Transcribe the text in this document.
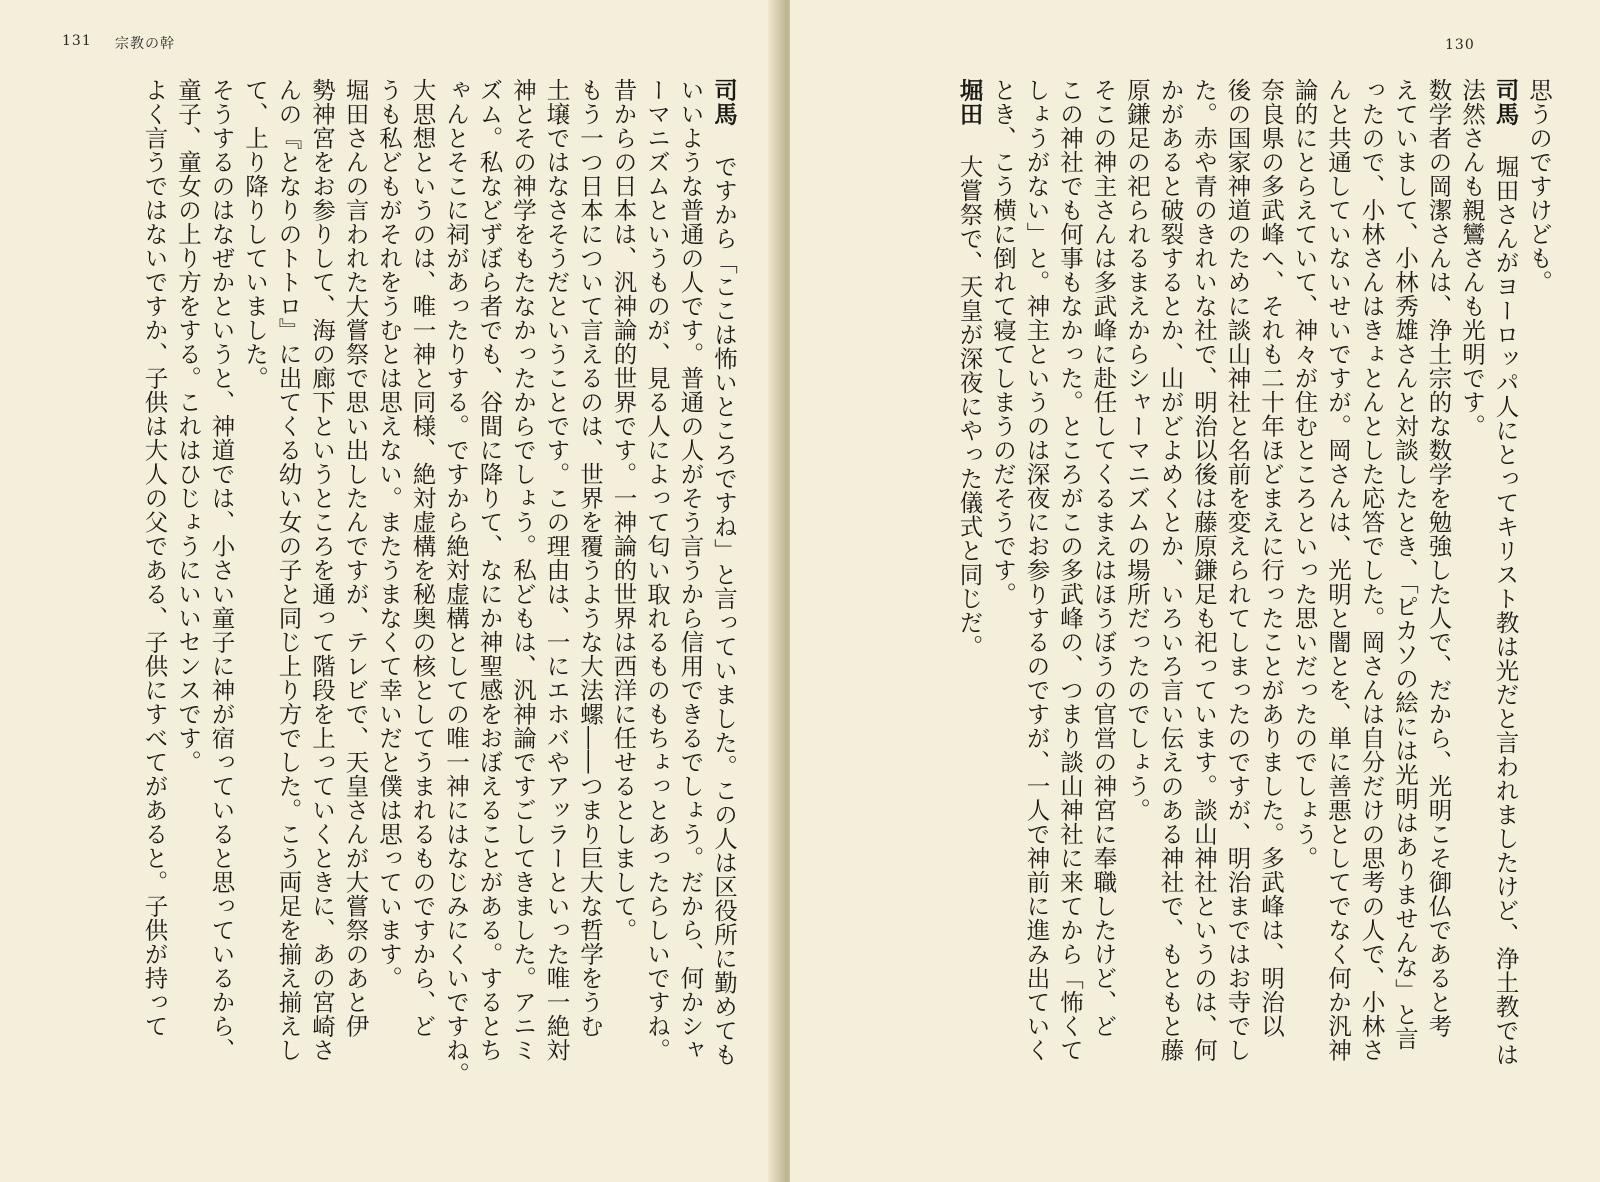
131 宗教の幹
司馬ですから「ここは怖いところですね」と言っていました。この人は区役所に勤めても
いいような普通の人です。普通の人がそう言うから信用できるでしょう。だから、何かシャ
ーマニズムというものが、見る人によって匂い取れるものもちょっとあったらしいですね。
昔からの日本は、汎神論的世界です。一神論的世界は西洋に任せるとしまして。
もう一つ日本について言えるのは、世界を覆うような大法螺――つまり巨大な哲学をうむ
土壌ではなさそうだということです。この理由は、一にエホバやアッラーといった唯一絶対
神とその神学をもたなかったからでしょう。私どもは、汎神論ですごしてきました。アニミ
ズム。私などずぼら者でも、谷間に降りて、なにか神聖感をおぼえることがある。するとち
ゃんとそこに祠があったりする。ですから絶対虚構としての唯一神にはなじみにくいですね。
大思想というのは、唯一神と同様、絶対虚構を秘奥の核としてうまれるものですから、ど
うも私どもがそれをうむとは思えない。またうまなくて幸いだと僕は思っています。
堀田さんの言われた大嘗祭で思い出したんですが、テレビで、天皇さんが大嘗祭のあと伊
勢神宮をお参りして、海の廊下というところを通って階段を上っていくときに、あの宮崎さ
んの『となりのトトロ』に出てくる幼い女の子と同じ上り方でした。こう両足を揃え揃えし
て、上り降りしていました。
そうするのはなぜかというと、神道では、小さい童子に神が宿っていると思っているから、
童子、童女の上り方をする。これはひじょうにいいセンスです。
よく言うではないですか、子供は大人の父である、子供にすべてがあると。子供が持って
130
思うのですけども。
司馬堀田さんがヨーロッパ人にとってキリスト教は光だと言われましたけど、浄土教では
法然さんも親鸞さんも光明です。
数学者の岡潔さんは、浄土宗的な数学を勉強した人で、だから、光明こそ御仏であると考
えていまして、小林秀雄さんと対談したとき、「ピカソの絵には光明はありませんな」と言
ったので、小林さんはきょとんとした応答でした。岡さんは自分だけの思考の人で、小林さ
んと共通していないせいですが。岡さんは、光明と闇とを、単に善悪としてでなく何か汎神
論的にとらえていて、神々が住むところといった思いだったのでしょう。
奈良県の多武峰へ、それも二十年ほどまえに行ったことがありました。多武峰は、明治以
後の国家神道のために談山神社と名前を変えられてしまったのですが、明治まではお寺でし
た。赤や青のきれいな社で、明治以後は藤原鎌足も祀っています。談山神社というのは、何
かがあると破裂するとか、山がどよめくとか、いろいろ言い伝えのある神社で、もともと藤
原鎌足の祀られるまえからシャーマニズムの場所だったのでしょう。
そこの神主さんは多武峰に赴任してくるまえはほうぼうの官営の神宮に奉職したけど、ど
この神社でも何事もなかった。ところがこの多武峰の、つまり談山神社に来てから「怖くて
しょうがない」と。神主というのは深夜にお参りするのですが、一人で神前に進み出ていく
とき、こう横に倒れて寝てしまうのだそうです。
堀田大嘗祭で、天皇が深夜にやった儀式と同じだ。
